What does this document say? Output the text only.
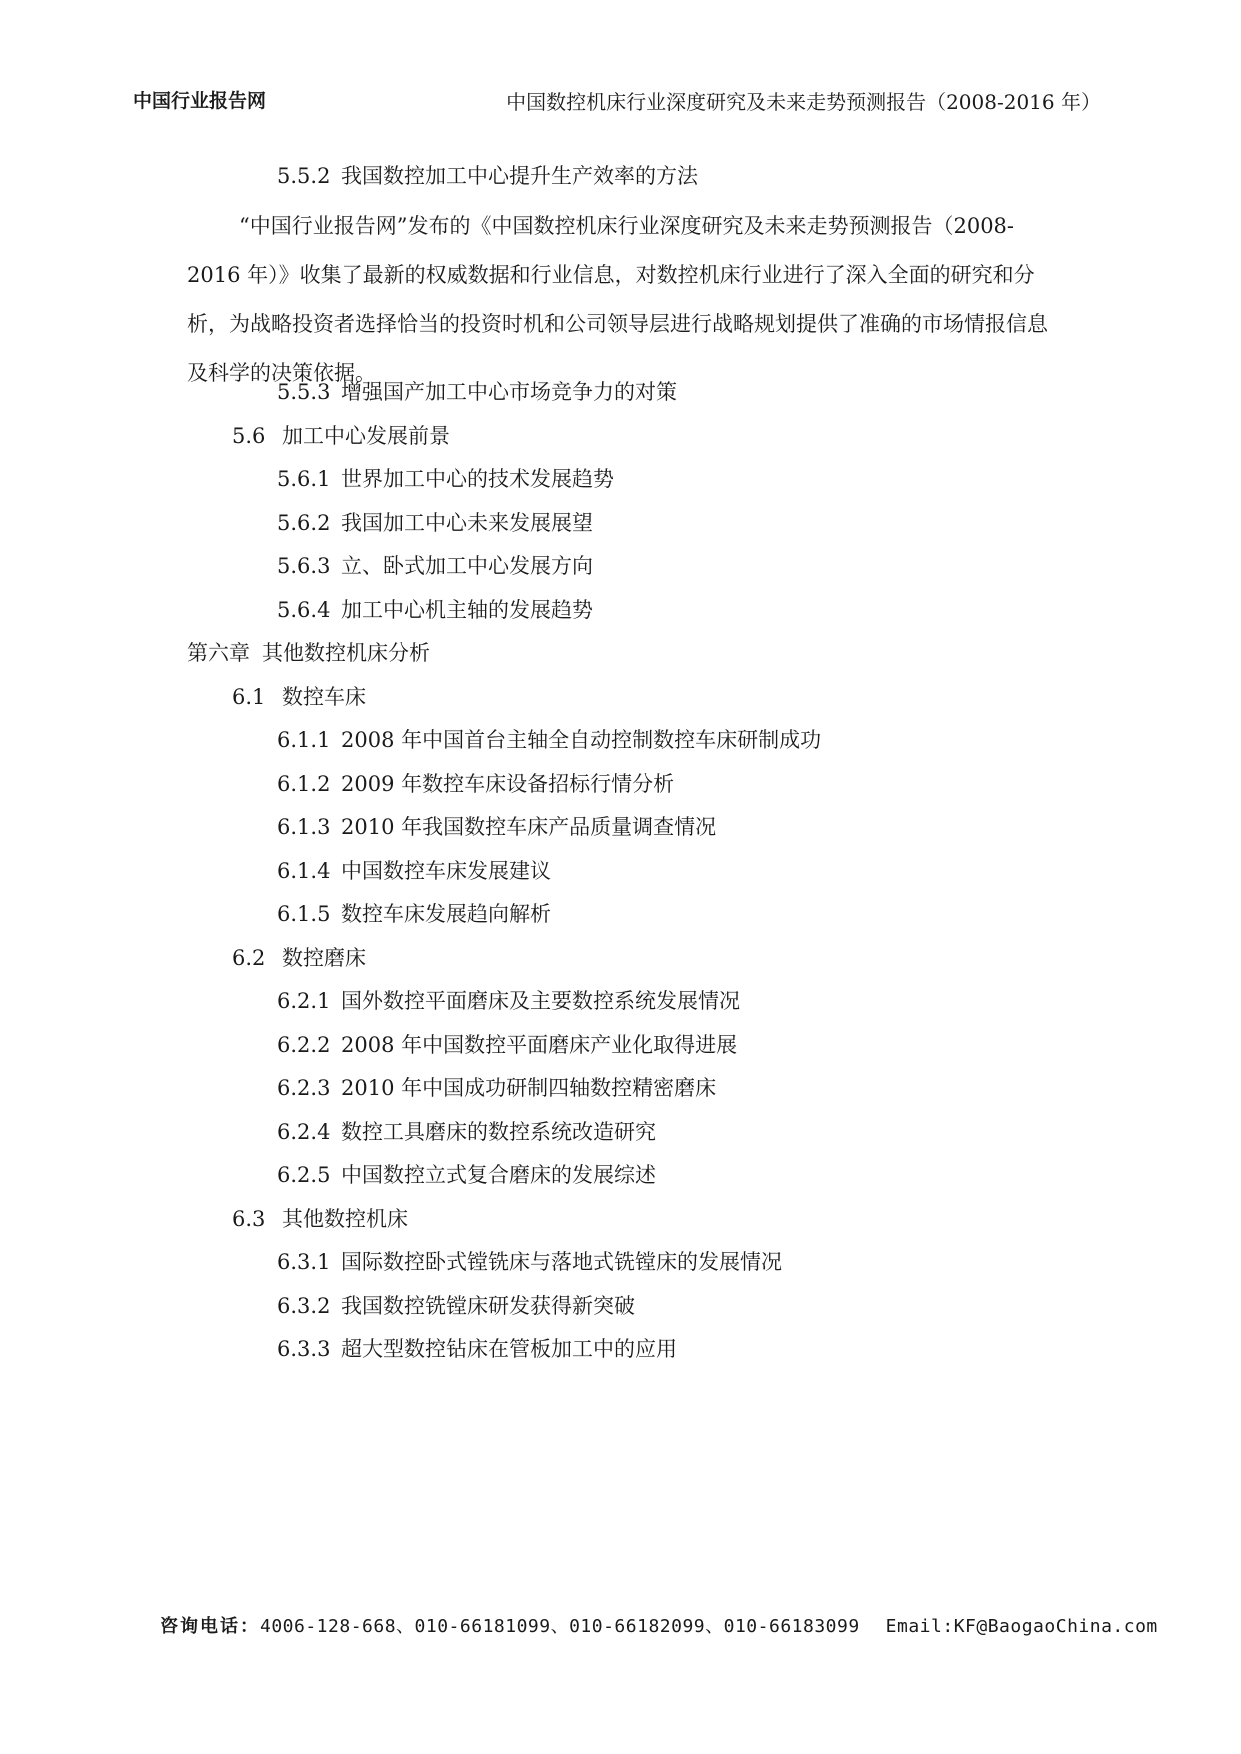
中国行业报告网	中国数控机床行业深度研究及未来走势预测报告（2008-2016 年）
5.5.2 我国数控加工中心提升生产效率的方法
5.5.3 增强国产加工中心市场竞争力的对策
5.6 加工中心发展前景
5.6.1 世界加工中心的技术发展趋势
5.6.2 我国加工中心未来发展展望
5.6.3 立、卧式加工中心发展方向
5.6.4 加工中心机主轴的发展趋势
第六章 其他数控机床分析
6.1 数控车床
6.1.1 2008 年中国首台主轴全自动控制数控车床研制成功
6.1.2 2009 年数控车床设备招标行情分析
6.1.3 2010 年我国数控车床产品质量调查情况
6.1.4 中国数控车床发展建议
6.1.5 数控车床发展趋向解析
6.2 数控磨床
6.2.1 国外数控平面磨床及主要数控系统发展情况
6.2.2 2008 年中国数控平面磨床产业化取得进展
6.2.3 2010 年中国成功研制四轴数控精密磨床
6.2.4 数控工具磨床的数控系统改造研究
6.2.5 中国数控立式复合磨床的发展综述
6.3 其他数控机床
6.3.1 国际数控卧式镗铣床与落地式铣镗床的发展情况
6.3.2 我国数控铣镗床研发获得新突破
6.3.3 超大型数控钻床在管板加工中的应用
“中国行业报告网”发布的《中国数控机床行业深度研究及未来走势预测报告（2008-2016 年）》收集了最新的权威数据和行业信息，对数控机床行业进行了深入全面的研究和分析，为战略投资者选择恰当的投资时机和公司领导层进行战略规划提供了准确的市场情报信息及科学的决策依据。
咨询电话：4006-128-668、010-66181099、010-66182099、010-66183099 Email:KF@BaogaoChina.com
